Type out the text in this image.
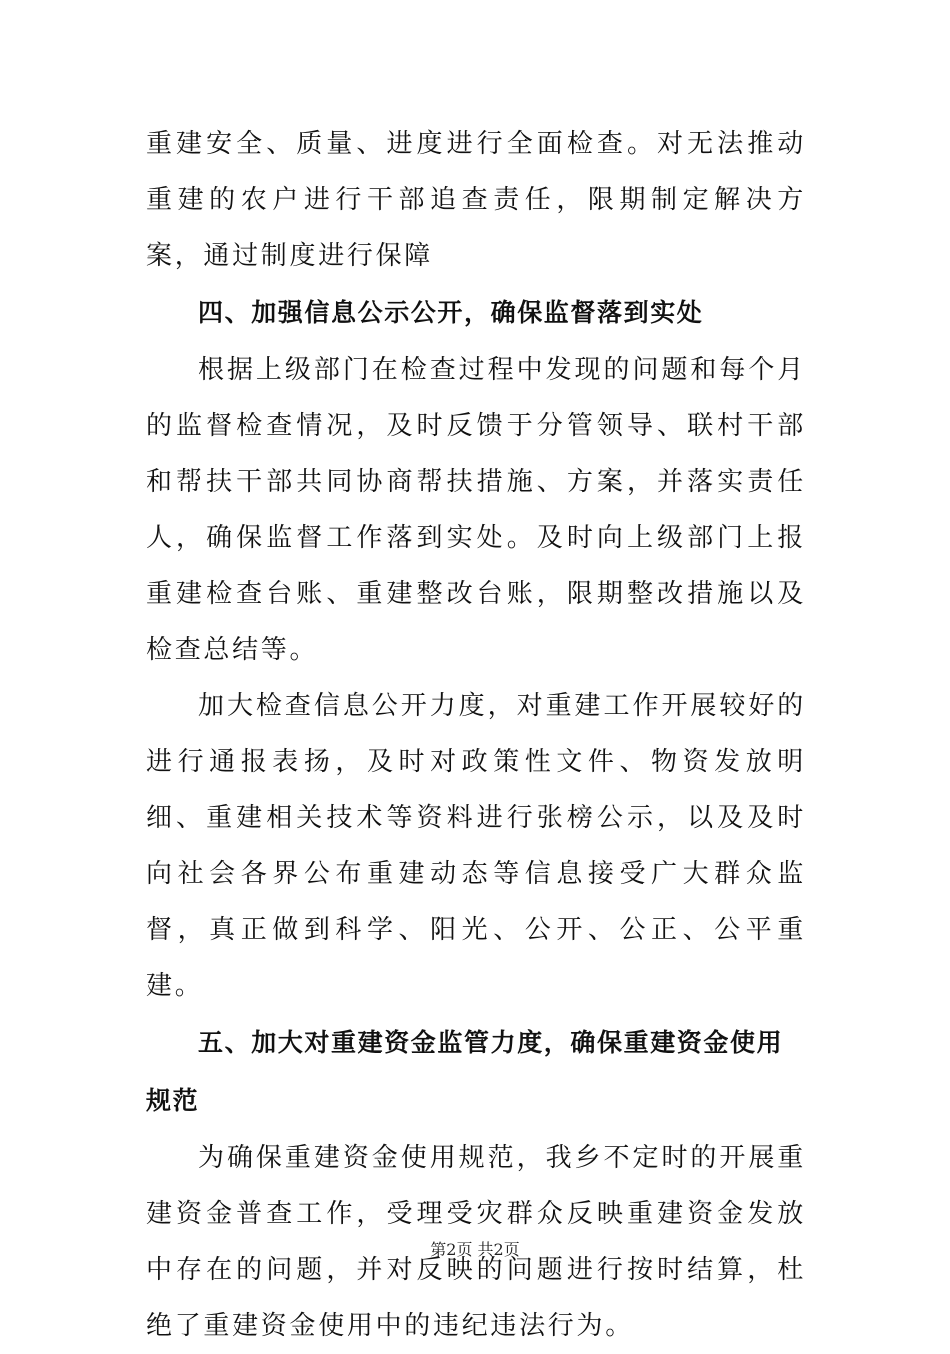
重建安全、质量、进度进行全面检查。对无法推动重建的农户进行干部追查责任，限期制定解决方案，通过制度进行保障

四、加强信息公示公开，确保监督落到实处

根据上级部门在检查过程中发现的问题和每个月的监督检查情况，及时反馈于分管领导、联村干部和帮扶干部共同协商帮扶措施、方案，并落实责任人，确保监督工作落到实处。及时向上级部门上报重建检查台账、重建整改台账，限期整改措施以及检查总结等。

加大检查信息公开力度，对重建工作开展较好的进行通报表扬，及时对政策性文件、物资发放明细、重建相关技术等资料进行张榜公示，以及及时向社会各界公布重建动态等信息接受广大群众监督，真正做到科学、阳光、公开、公正、公平重建。

五、加大对重建资金监管力度，确保重建资金使用规范

为确保重建资金使用规范，我乡不定时的开展重建资金普查工作，受理受灾群众反映重建资金发放中存在的问题，并对反映的问题进行按时结算，杜绝了重建资金使用中的违纪违法行为。

第2页 共2页
